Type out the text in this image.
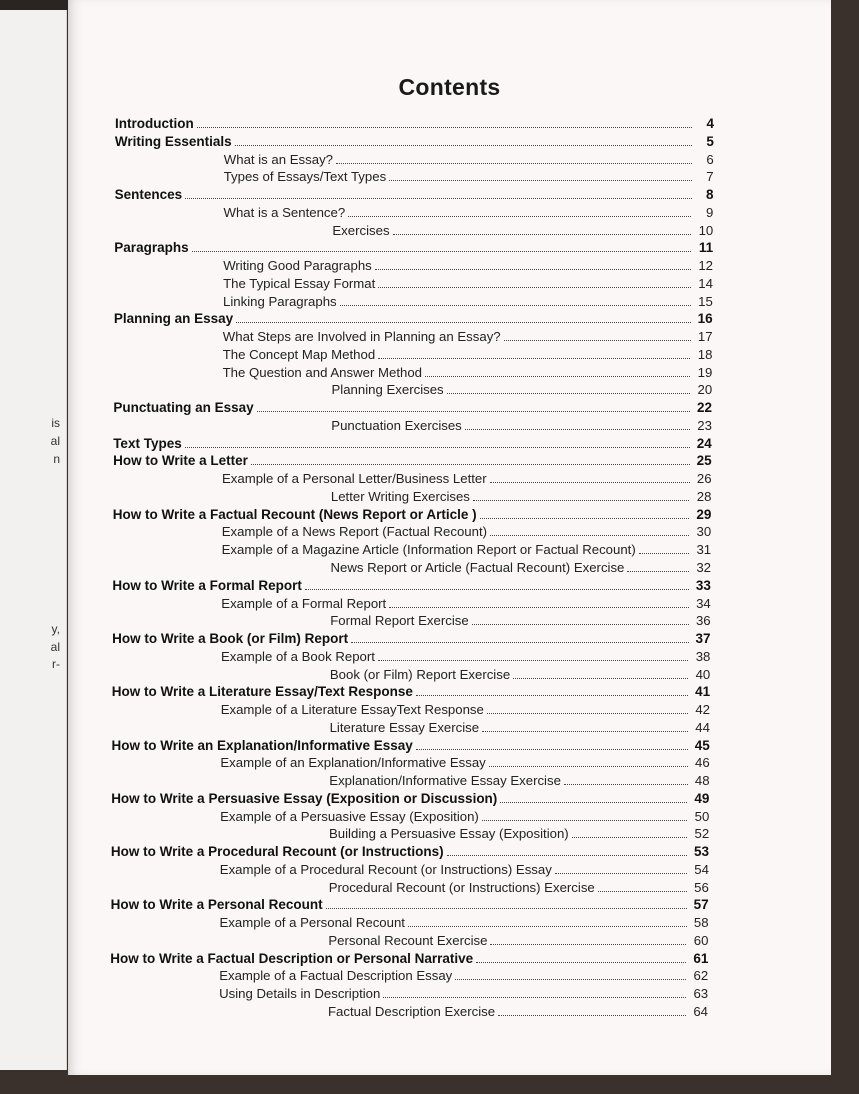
is
al
n
y,
al
r-
Contents
Introduction	4
Writing Essentials	5
What is an Essay?	6
Types of Essays/Text Types	7
Sentences	8
What is a Sentence?	9
Exercises	10
Paragraphs	11
Writing Good Paragraphs	12
The Typical Essay Format	14
Linking Paragraphs	15
Planning an Essay	16
What Steps are Involved in Planning an Essay?	17
The Concept Map Method	18
The Question and Answer Method	19
Planning Exercises	20
Punctuating an Essay	22
Punctuation Exercises	23
Text Types	24
How to Write a Letter	25
Example of a Personal Letter/Business Letter	26
Letter Writing Exercises	28
How to Write a Factual Recount (News Report or Article )	29
Example of a News Report (Factual Recount)	30
Example of a Magazine Article (Information Report or Factual Recount)	31
News Report or Article (Factual Recount) Exercise	32
How to Write a Formal Report	33
Example of a Formal Report	34
Formal Report Exercise	36
How to Write a Book (or Film) Report	37
Example of a Book Report	38
Book (or Film) Report Exercise	40
How to Write a Literature Essay/Text Response	41
Example of a Literature EssayText Response	42
Literature Essay Exercise	44
How to Write an Explanation/Informative Essay	45
Example of an Explanation/Informative Essay	46
Explanation/Informative Essay Exercise	48
How to Write a Persuasive Essay (Exposition or Discussion)	49
Example of a Persuasive Essay (Exposition)	50
Building a Persuasive Essay (Exposition)	52
How to Write a Procedural Recount (or Instructions)	53
Example of a Procedural Recount (or Instructions) Essay	54
Procedural Recount (or Instructions) Exercise	56
How to Write a Personal Recount	57
Example of a Personal Recount	58
Personal Recount Exercise	60
How to Write a Factual Description or Personal Narrative	61
Example of a Factual Description Essay	62
Using Details in Description	63
Factual Description Exercise	64
